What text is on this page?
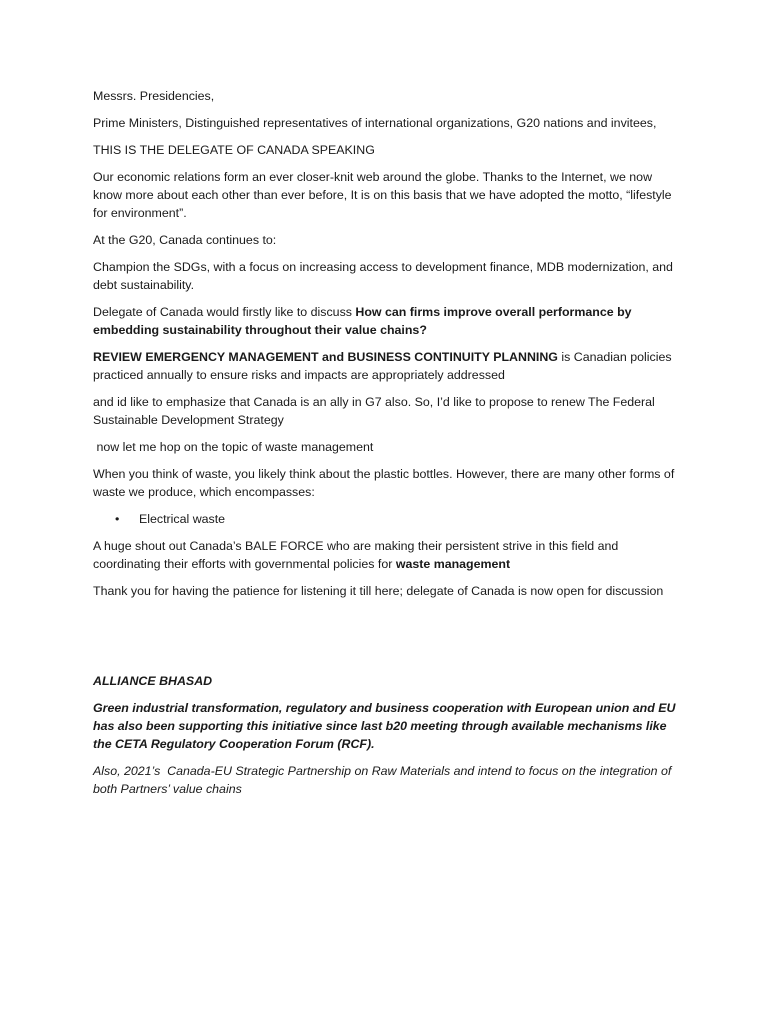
Messrs. Presidencies,

Prime Ministers, Distinguished representatives of international organizations, G20 nations and invitees,

THIS IS THE DELEGATE OF CANADA SPEAKING

Our economic relations form an ever closer-knit web around the globe. Thanks to the Internet, we now know more about each other than ever before, It is on this basis that we have adopted the motto, “lifestyle for environment”.

At the G20, Canada continues to:

Champion the SDGs, with a focus on increasing access to development finance, MDB modernization, and debt sustainability.

Delegate of Canada would firstly like to discuss How can firms improve overall performance by embedding sustainability throughout their value chains?

REVIEW EMERGENCY MANAGEMENT and BUSINESS CONTINUITY PLANNING is Canadian policies practiced annually to ensure risks and impacts are appropriately addressed

and id like to emphasize that Canada is an ally in G7 also. So, I’d like to propose to renew The Federal Sustainable Development Strategy

now let me hop on the topic of waste management

When you think of waste, you likely think about the plastic bottles. However, there are many other forms of waste we produce, which encompasses:

•	Electrical waste

A huge shout out Canada’s BALE FORCE who are making their persistent strive in this field and coordinating their efforts with governmental policies for waste management

Thank you for having the patience for listening it till here; delegate of Canada is now open for discussion

ALLIANCE BHASAD

Green industrial transformation, regulatory and business cooperation with European union and EU has also been supporting this initiative since last b20 meeting through available mechanisms like the CETA Regulatory Cooperation Forum (RCF).

Also, 2021’s  Canada-EU Strategic Partnership on Raw Materials and intend to focus on the integration of both Partners’ value chains
